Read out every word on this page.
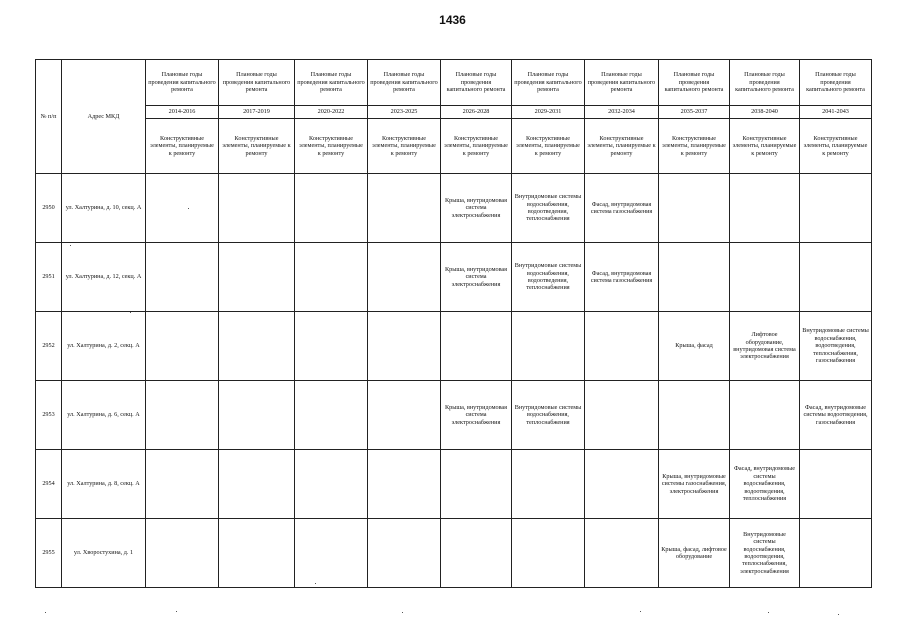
1436
№ п/п	Адрес МКД	Плановые годы проведения капитального ремонта	Плановые годы проведения капитального ремонта	Плановые годы проведения капитального ремонта	Плановые годы проведения капитального ремонта	Плановые годы проведения капитального ремонта	Плановые годы проведения капитального ремонта	Плановые годы проведения капитального ремонта	Плановые годы проведения капитального ремонта	Плановые годы проведения капитального ремонта	Плановые годы проведения капитального ремонта
		2014-2016	2017-2019	2020-2022	2023-2025	2026-2028	2029-2031	2032-2034	2035-2037	2038-2040	2041-2043
		Конструктивные элементы, планируемые к ремонту	Конструктивные элементы, планируемые к ремонту	Конструктивные элементы, планируемые к ремонту	Конструктивные элементы, планируемые к ремонту	Конструктивные элементы, планируемые к ремонту	Конструктивные элементы, планируемые к ремонту	Конструктивные элементы, планируемые к ремонту	Конструктивные элементы, планируемые к ремонту	Конструктивные элементы, планируемые к ремонту	Конструктивные элементы, планируемые к ремонту
2950	ул. Халтурина, д. 10, секц. А					Крыша, внутридомовая система электроснабжения	Внутридомовые системы водоснабжения, водоотведения, теплоснабжения	Фасад, внутридомовая система газоснабжения			
2951	ул. Халтурина, д. 12, секц. А					Крыша, внутридомовая система электроснабжения	Внутридомовые системы водоснабжения, водоотведения, теплоснабжения	Фасад, внутридомовая система газоснабжения			
2952	ул. Халтурина, д. 2, секц. А								Крыша, фасад	Лифтовое оборудование, внутридомовая система электроснабжения	Внутридомовые системы водоснабжения, водоотведения, теплоснабжения, газоснабжения
2953	ул. Халтурина, д. 6, секц. А					Крыша, внутридомовая система электроснабжения	Внутридомовые системы водоснабжения, теплоснабжения				Фасад, внутридомовые системы водоотведения, газоснабжения
2954	ул. Халтурина, д. 8, секц. А								Крыша, внутридомовые системы газоснабжения, электроснабжения	Фасад, внутридомовые системы водоснабжения, водоотведения, теплоснабжения	
2955	ул. Хворостухина, д. 1								Крыша, фасад, лифтовое оборудование	Внутридомовые системы водоснабжения, водоотведения, теплоснабжения, электроснабжения	
